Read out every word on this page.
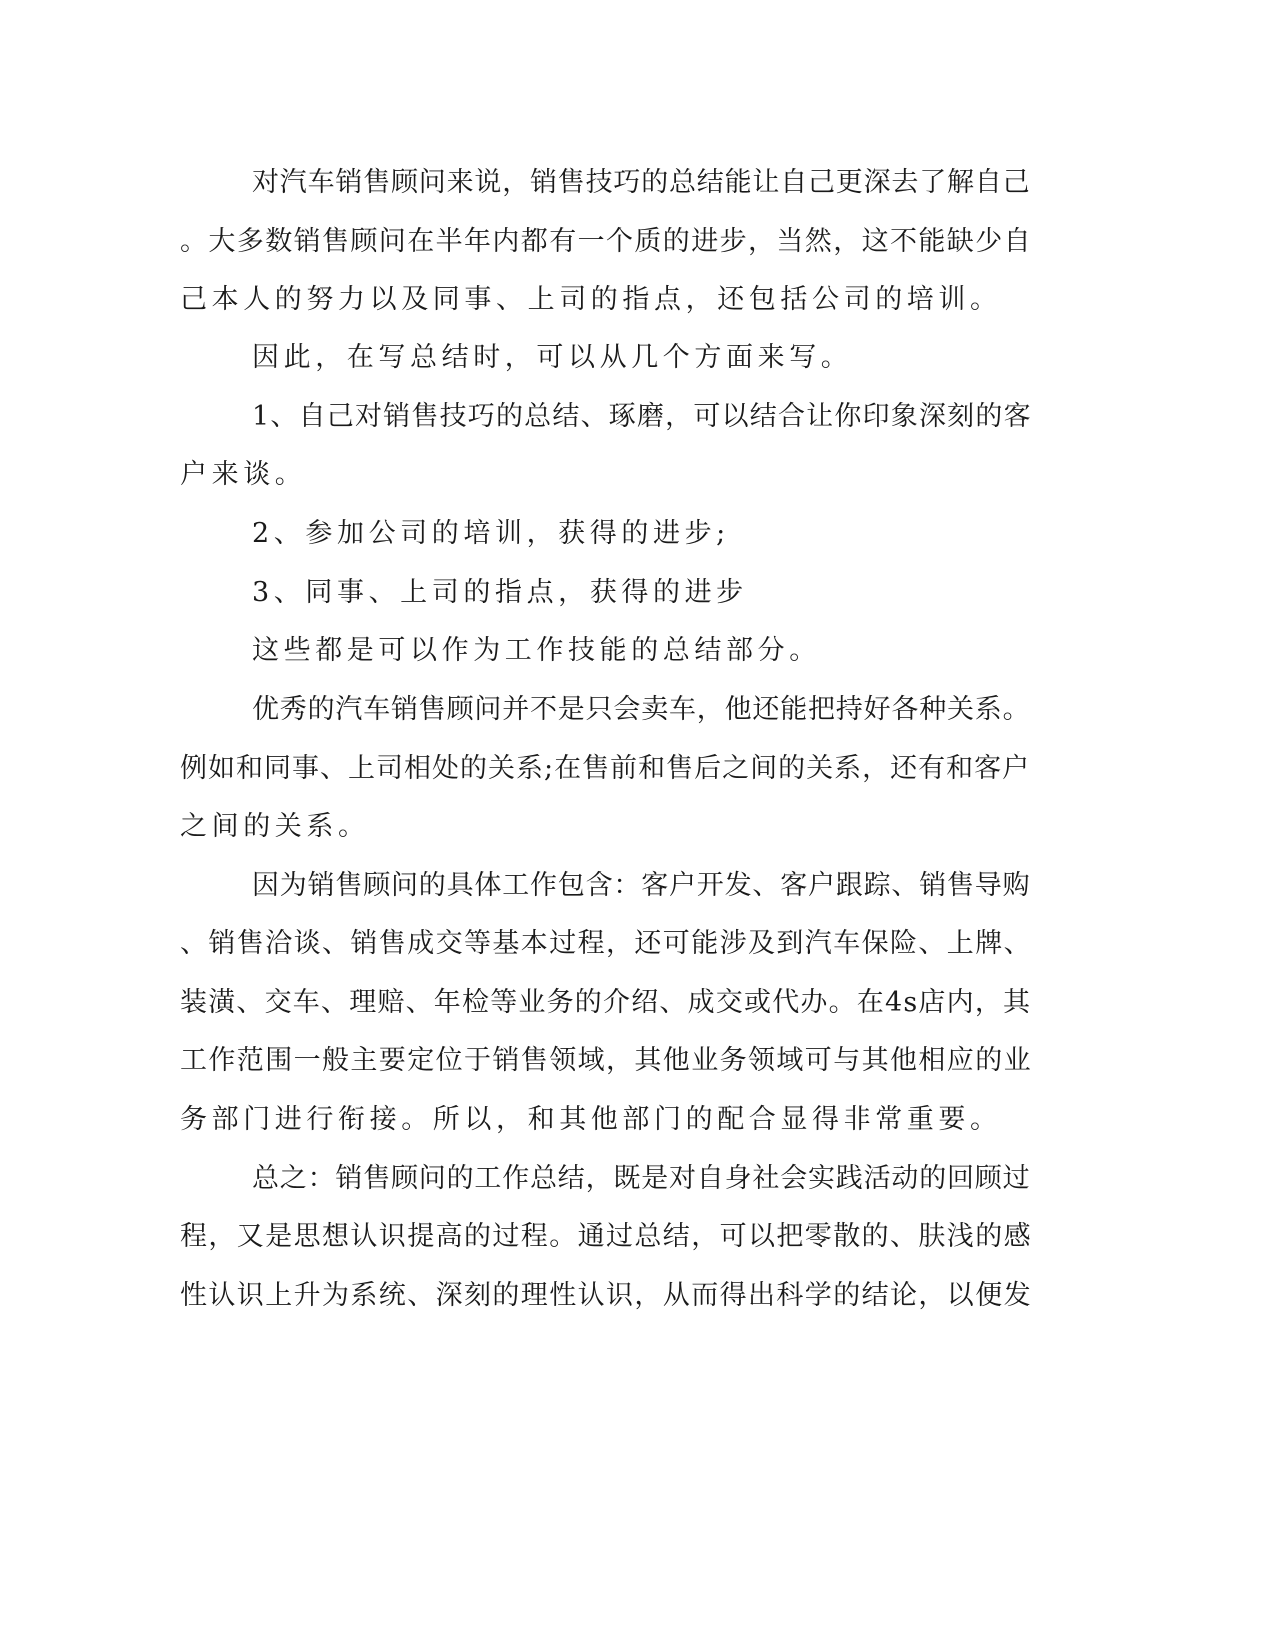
对汽车销售顾问来说，销售技巧的总结能让自己更深去了解自己
。大多数销售顾问在半年内都有一个质的进步，当然，这不能缺少自
己本人的努力以及同事、上司的指点，还包括公司的培训。
因此，在写总结时，可以从几个方面来写。
1、自己对销售技巧的总结、琢磨，可以结合让你印象深刻的客
户来谈。
2、参加公司的培训，获得的进步;
3、同事、上司的指点，获得的进步
这些都是可以作为工作技能的总结部分。
优秀的汽车销售顾问并不是只会卖车，他还能把持好各种关系。
例如和同事、上司相处的关系;在售前和售后之间的关系，还有和客户
之间的关系。
因为销售顾问的具体工作包含：客户开发、客户跟踪、销售导购
、销售洽谈、销售成交等基本过程，还可能涉及到汽车保险、上牌、
装潢、交车、理赔、年检等业务的介绍、成交或代办。在4s店内，其
工作范围一般主要定位于销售领域，其他业务领域可与其他相应的业
务部门进行衔接。所以，和其他部门的配合显得非常重要。
总之：销售顾问的工作总结，既是对自身社会实践活动的回顾过
程，又是思想认识提高的过程。通过总结，可以把零散的、肤浅的感
性认识上升为系统、深刻的理性认识，从而得出科学的结论，以便发
